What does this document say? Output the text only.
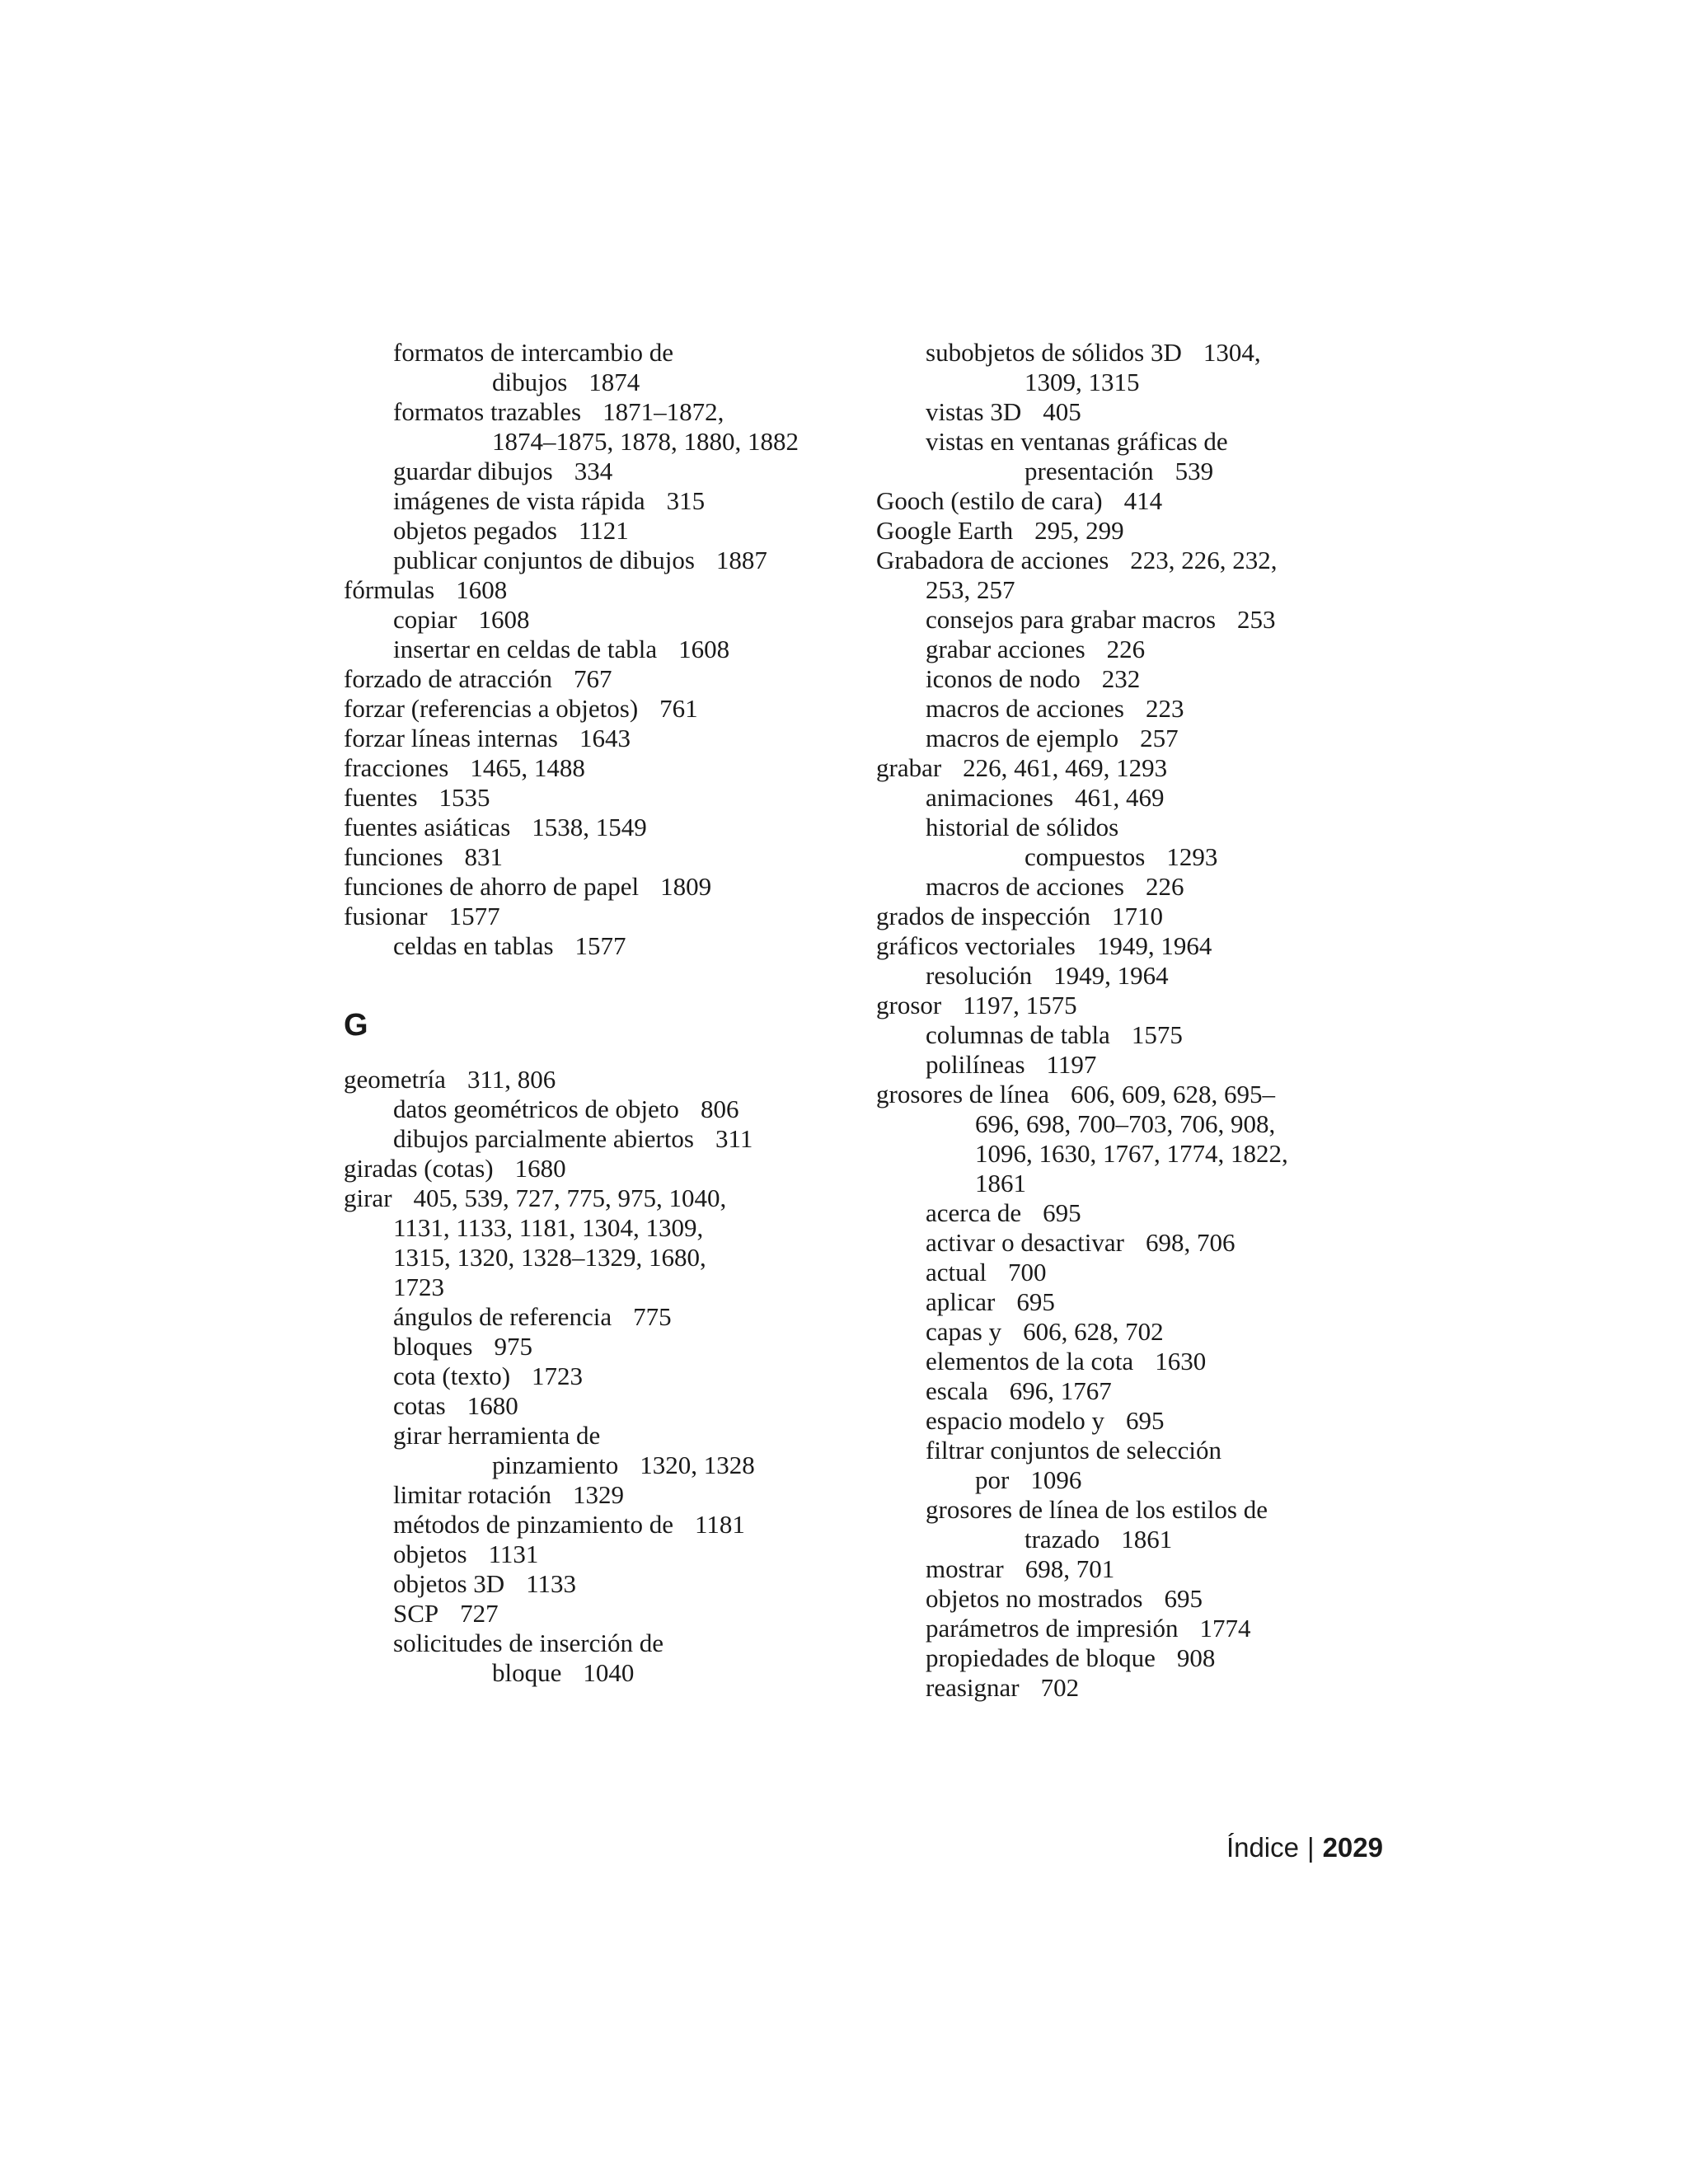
formatos de intercambio de
dibujos 1874
formatos trazables 1871–1872,
1874–1875, 1878, 1880, 1882
guardar dibujos 334
imágenes de vista rápida 315
objetos pegados 1121
publicar conjuntos de dibujos 1887
fórmulas 1608
copiar 1608
insertar en celdas de tabla 1608
forzado de atracción 767
forzar (referencias a objetos) 761
forzar líneas internas 1643
fracciones 1465, 1488
fuentes 1535
fuentes asiáticas 1538, 1549
funciones 831
funciones de ahorro de papel 1809
fusionar 1577
celdas en tablas 1577
G
geometría 311, 806
datos geométricos de objeto 806
dibujos parcialmente abiertos 311
giradas (cotas) 1680
girar 405, 539, 727, 775, 975, 1040,
1131, 1133, 1181, 1304, 1309,
1315, 1320, 1328–1329, 1680,
1723
ángulos de referencia 775
bloques 975
cota (texto) 1723
cotas 1680
girar herramienta de
pinzamiento 1320, 1328
limitar rotación 1329
métodos de pinzamiento de 1181
objetos 1131
objetos 3D 1133
SCP 727
solicitudes de inserción de
bloque 1040
subobjetos de sólidos 3D 1304,
1309, 1315
vistas 3D 405
vistas en ventanas gráficas de
presentación 539
Gooch (estilo de cara) 414
Google Earth 295, 299
Grabadora de acciones 223, 226, 232,
253, 257
consejos para grabar macros 253
grabar acciones 226
iconos de nodo 232
macros de acciones 223
macros de ejemplo 257
grabar 226, 461, 469, 1293
animaciones 461, 469
historial de sólidos
compuestos 1293
macros de acciones 226
grados de inspección 1710
gráficos vectoriales 1949, 1964
resolución 1949, 1964
grosor 1197, 1575
columnas de tabla 1575
polilíneas 1197
grosores de línea 606, 609, 628, 695–
696, 698, 700–703, 706, 908,
1096, 1630, 1767, 1774, 1822,
1861
acerca de 695
activar o desactivar 698, 706
actual 700
aplicar 695
capas y 606, 628, 702
elementos de la cota 1630
escala 696, 1767
espacio modelo y 695
filtrar conjuntos de selección
por 1096
grosores de línea de los estilos de
trazado 1861
mostrar 698, 701
objetos no mostrados 695
parámetros de impresión 1774
propiedades de bloque 908
reasignar 702
Índice | 2029
